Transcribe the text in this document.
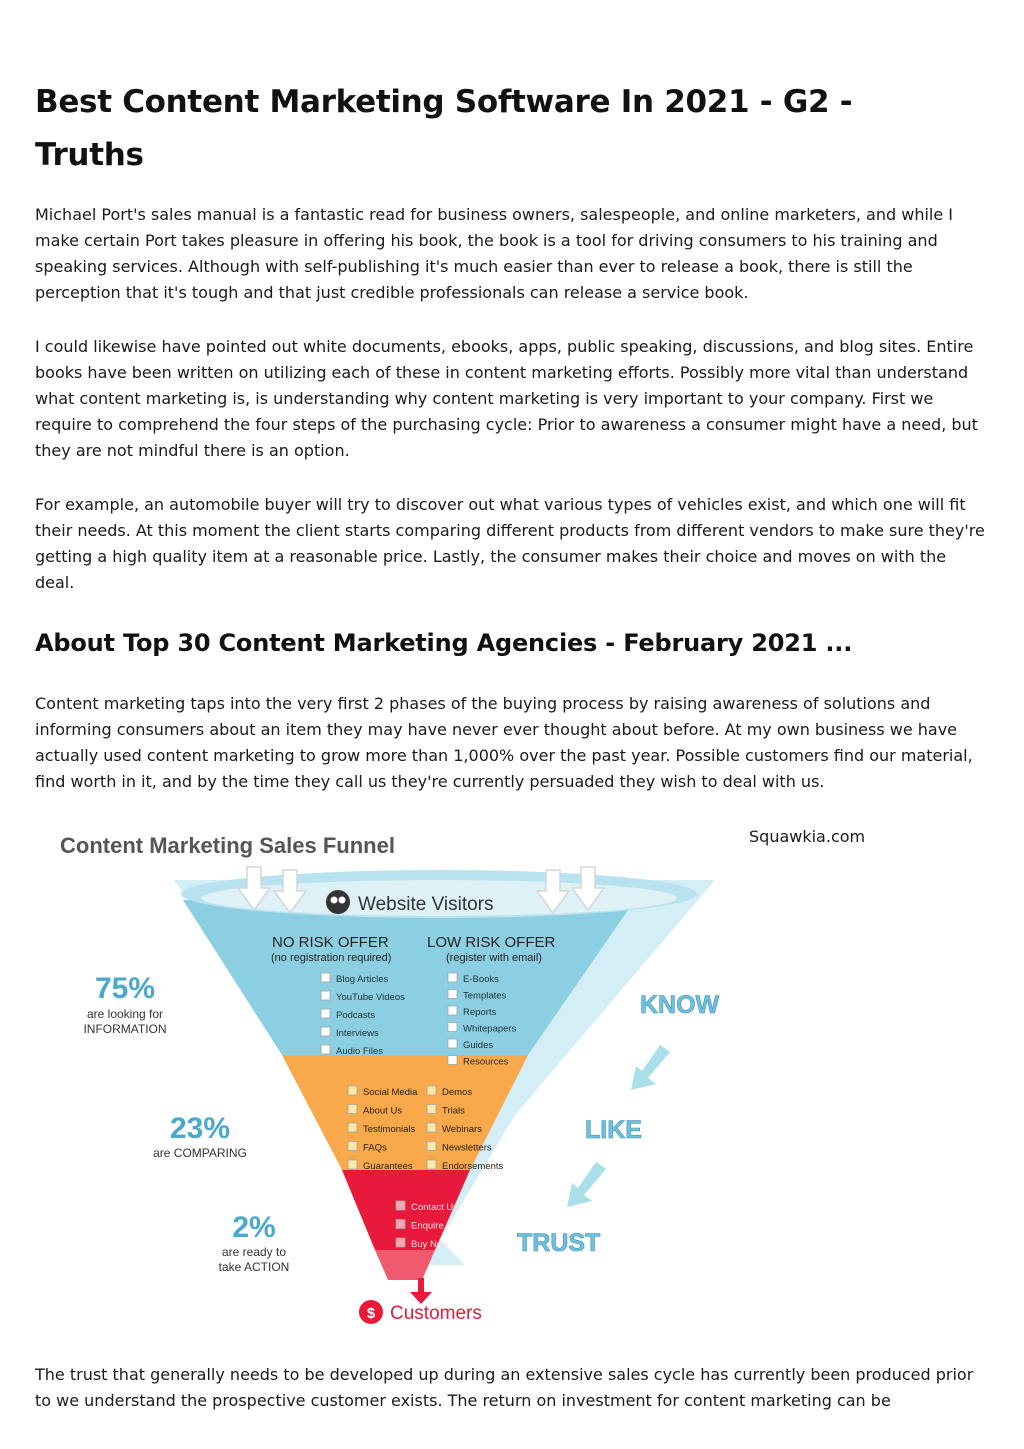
Best Content Marketing Software In 2021 - G2 - Truths

Michael Port's sales manual is a fantastic read for business owners, salespeople, and online marketers, and while I make certain Port takes pleasure in offering his book, the book is a tool for driving consumers to his training and speaking services. Although with self-publishing it's much easier than ever to release a book, there is still the perception that it's tough and that just credible professionals can release a service book.

I could likewise have pointed out white documents, ebooks, apps, public speaking, discussions, and blog sites. Entire books have been written on utilizing each of these in content marketing efforts. Possibly more vital than understand what content marketing is, is understanding why content marketing is very important to your company. First we require to comprehend the four steps of the purchasing cycle: Prior to awareness a consumer might have a need, but they are not mindful there is an option.

For example, an automobile buyer will try to discover out what various types of vehicles exist, and which one will fit their needs. At this moment the client starts comparing different products from different vendors to make sure they're getting a high quality item at a reasonable price. Lastly, the consumer makes their choice and moves on with the deal.

About Top 30 Content Marketing Agencies - February 2021 ...

Content marketing taps into the very first 2 phases of the buying process by raising awareness of solutions and informing consumers about an item they may have never ever thought about before. At my own business we have actually used content marketing to grow more than 1,000% over the past year. Possible customers find our material, find worth in it, and by the time they call us they're currently persuaded they wish to deal with us.

Squawkia.com

The trust that generally needs to be developed up during an extensive sales cycle has currently been produced prior to we understand the prospective customer exists. The return on investment for content marketing can be

Content Marketing Sales Funnel
Website Visitors
NO RISK OFFER
(no registration required)
LOW RISK OFFER
(register with email)
Blog Articles
YouTube Videos
Podcasts
Interviews
Audio Files
E-Books
Templates
Reports
Whitepapers
Guides
Resources
Social Media
About Us
Testimonials
FAQs
Guarantees
Demos
Trials
Webinars
Newsletters
Endorsements
Contact Us
Enquire
Buy Now
75%
are looking for
INFORMATION
23%
are COMPARING
2%
are ready to
take ACTION
KNOW
LIKE
TRUST
$ Customers
